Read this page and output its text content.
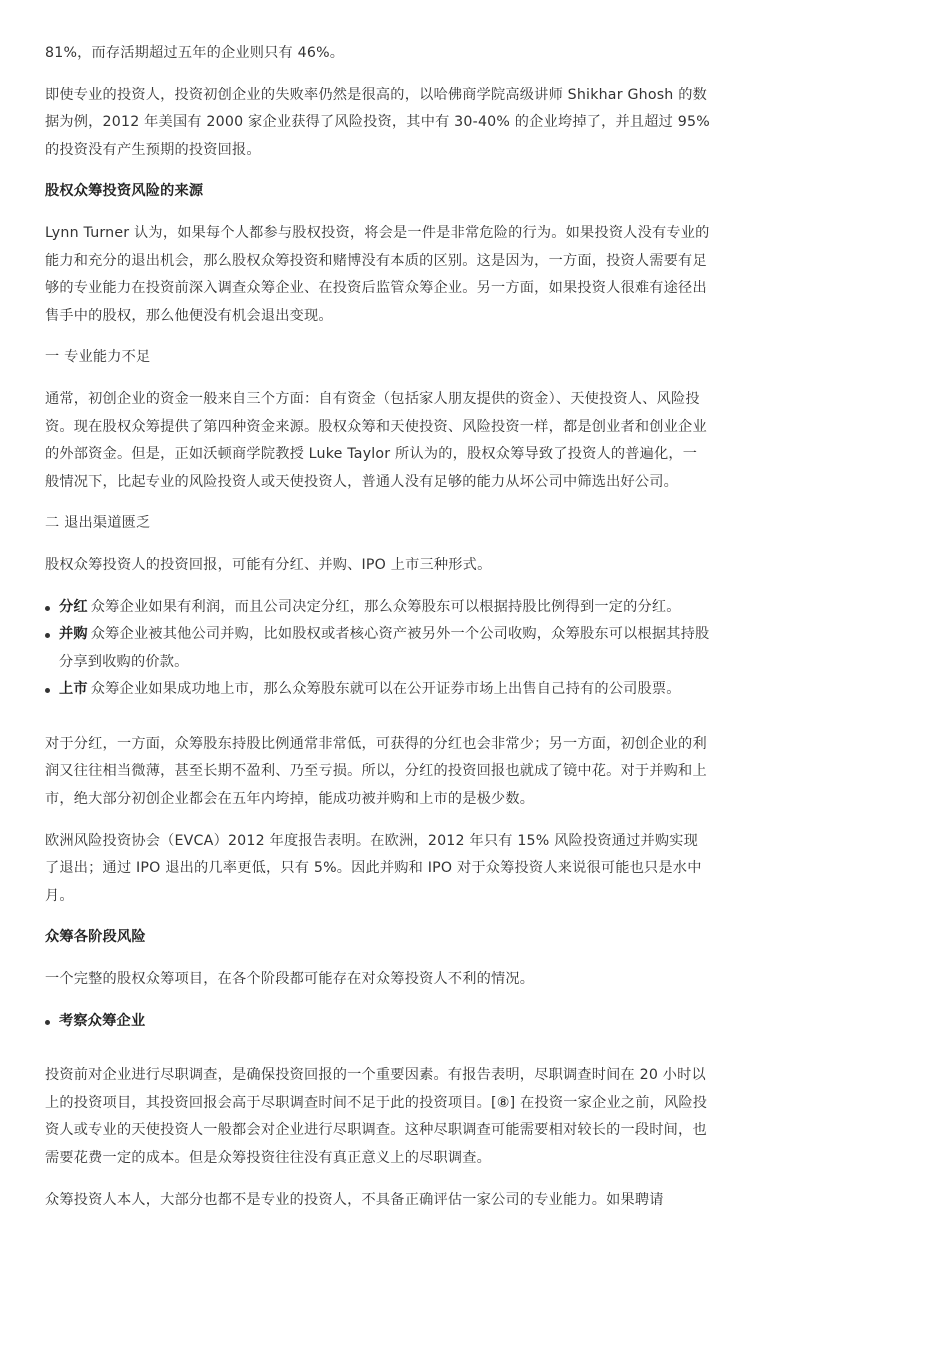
81%，而存活期超过五年的企业则只有 46%。

即使专业的投资人，投资初创企业的失败率仍然是很高的，以哈佛商学院高级讲师 Shikhar Ghosh 的数据为例，2012 年美国有 2000 家企业获得了风险投资，其中有 30-40% 的企业垮掉了，并且超过 95% 的投资没有产生预期的投资回报。

股权众筹投资风险的来源

Lynn Turner 认为，如果每个人都参与股权投资，将会是一件是非常危险的行为。如果投资人没有专业的能力和充分的退出机会，那么股权众筹投资和赌博没有本质的区别。这是因为，一方面，投资人需要有足够的专业能力在投资前深入调查众筹企业、在投资后监管众筹企业。另一方面，如果投资人很难有途径出售手中的股权，那么他便没有机会退出变现。

一 专业能力不足

通常，初创企业的资金一般来自三个方面：自有资金（包括家人朋友提供的资金）、天使投资人、风险投资。现在股权众筹提供了第四种资金来源。股权众筹和天使投资、风险投资一样，都是创业者和创业企业的外部资金。但是，正如沃顿商学院教授 Luke Taylor 所认为的，股权众筹导致了投资人的普遍化，一般情况下，比起专业的风险投资人或天使投资人，普通人没有足够的能力从坏公司中筛选出好公司。

二 退出渠道匮乏

股权众筹投资人的投资回报，可能有分红、并购、IPO 上市三种形式。

分红 众筹企业如果有利润，而且公司决定分红，那么众筹股东可以根据持股比例得到一定的分红。
并购 众筹企业被其他公司并购，比如股权或者核心资产被另外一个公司收购，众筹股东可以根据其持股分享到收购的价款。
上市 众筹企业如果成功地上市，那么众筹股东就可以在公开证券市场上出售自己持有的公司股票。

对于分红，一方面，众筹股东持股比例通常非常低，可获得的分红也会非常少；另一方面，初创企业的利润又往往相当微薄，甚至长期不盈利、乃至亏损。所以，分红的投资回报也就成了镜中花。对于并购和上市，绝大部分初创企业都会在五年内垮掉，能成功被并购和上市的是极少数。

欧洲风险投资协会（EVCA）2012 年度报告表明。在欧洲，2012 年只有 15% 风险投资通过并购实现了退出；通过 IPO 退出的几率更低，只有 5%。因此并购和 IPO 对于众筹投资人来说很可能也只是水中月。

众筹各阶段风险

一个完整的股权众筹项目，在各个阶段都可能存在对众筹投资人不利的情况。

考察众筹企业

投资前对企业进行尽职调查，是确保投资回报的一个重要因素。有报告表明，尽职调查时间在 20 小时以上的投资项目，其投资回报会高于尽职调查时间不足于此的投资项目。[⑧] 在投资一家企业之前，风险投资人或专业的天使投资人一般都会对企业进行尽职调查。这种尽职调查可能需要相对较长的一段时间，也需要花费一定的成本。但是众筹投资往往没有真正意义上的尽职调查。

众筹投资人本人，大部分也都不是专业的投资人，不具备正确评估一家公司的专业能力。如果聘请
